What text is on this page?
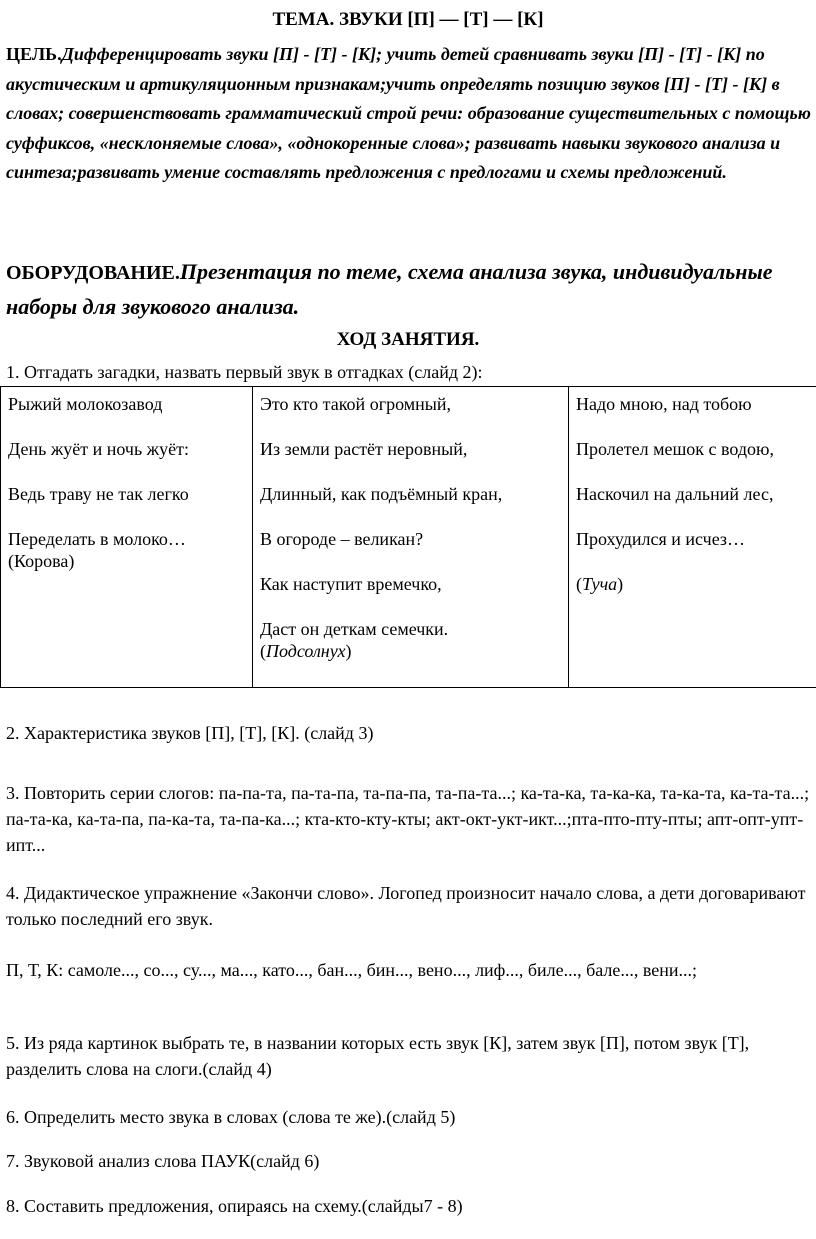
ТЕМА. ЗВУКИ [П] — [Т] — [К]
ЦЕЛЬ.Дифференцировать звуки [П] - [Т] - [К]; учить детей сравнивать звуки [П] - [Т] - [К] по акустическим и артикуляционным признакам;учить определять позицию звуков [П] - [Т] - [К] в словах; совершенствовать грамматический строй речи: образование существительных с помощью суффиксов, «несклоняемые слова», «однокоренные слова»; развивать навыки звукового анализа и синтеза;развивать умение составлять предложения с предлогами и схемы предложений.
ОБОРУДОВАНИЕ.Презентация по теме, схема анализа звука, индивидуальные наборы для звукового анализа.
ХОД ЗАНЯТИЯ.
1. Отгадать загадки, назвать первый звук в отгадках (слайд 2):
Рыжий молокозавод
День жуёт и ночь жуёт:
Ведь траву не так легко
Переделать в молоко… (Корова)

Это кто такой огромный,
Из земли растёт неровный,
Длинный, как подъёмный кран,
В огороде – великан?
Как наступит времечко,
Даст он деткам семечки.
(Подсолнух)

Надо мною, над тобою
Пролетел мешок с водою,
Наскочил на дальний лес,
Прохудился и исчез…
(Туча)
2. Характеристика звуков [П], [Т], [К]. (слайд 3)
3. Повторить серии слогов: па-па-та, па-та-па, та-па-па, та-па-та...; ка-та-ка, та-ка-ка, та-ка-та, ка-та-та...; па-та-ка, ка-та-па, па-ка-та, та-па-ка...; кта-кто-кту-кты; акт-окт-укт-икт...;пта-пто-пту-пты; апт-опт-упт-ипт...
4. Дидактическое упражнение «Закончи слово». Логопед произносит начало слова, а дети договаривают только последний его звук.
П, Т, К: самоле..., со..., су..., ма..., като..., бан..., бин..., вено..., лиф..., биле..., бале..., вени...;
5. Из ряда картинок выбрать те, в названии которых есть звук [К], затем звук [П], потом звук [Т], разделить слова на слоги.(слайд 4)
6. Определить место звука в словах (слова те же).(слайд 5)
7. Звуковой анализ слова ПАУК(слайд 6)
8. Составить предложения, опираясь на схему.(слайды7 - 8)
